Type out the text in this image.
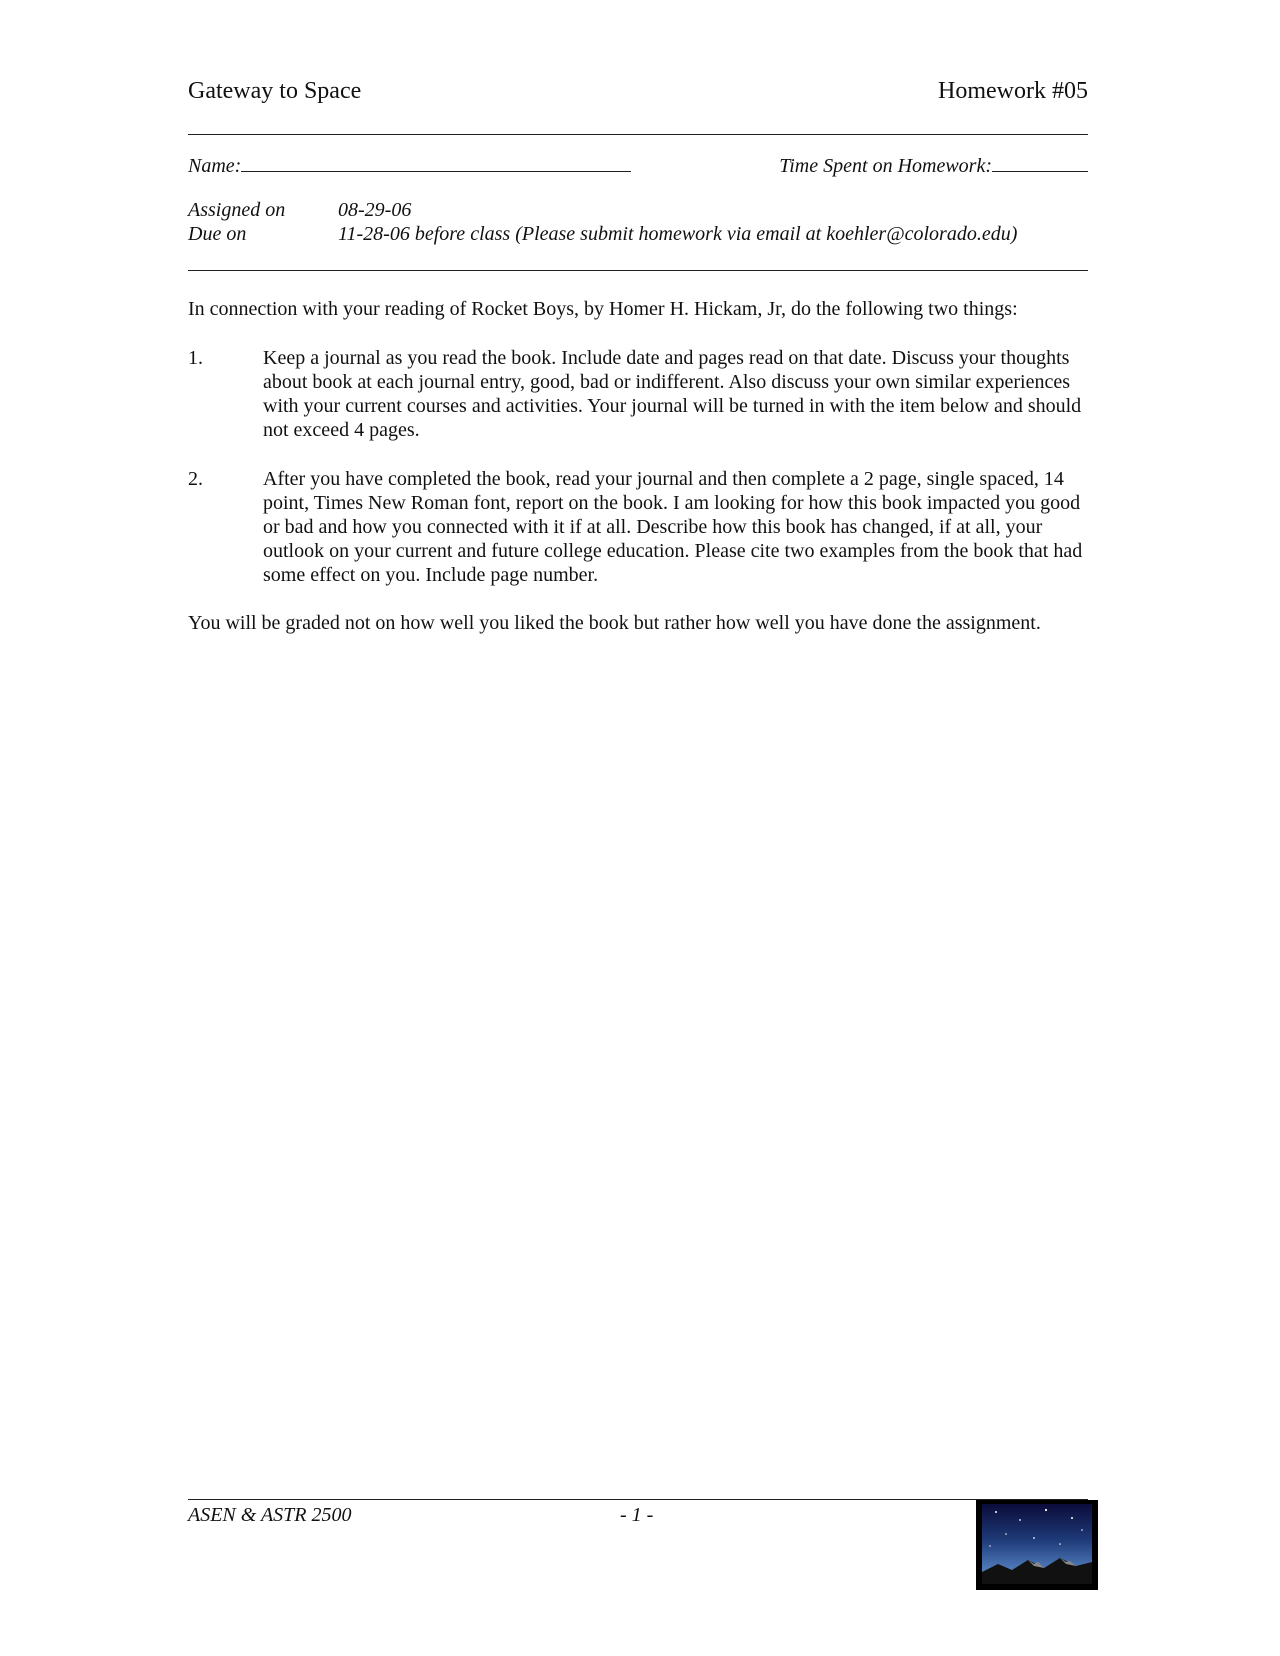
Gateway to Space	Homework #05
Name:	Time Spent on Homework:
Assigned on	08-29-06
Due on	11-28-06 before class (Please submit homework via email at koehler@colorado.edu)
In connection with your reading of Rocket Boys, by Homer H. Hickam, Jr, do the following two things:
1.	Keep a journal as you read the book. Include date and pages read on that date. Discuss your thoughts about book at each journal entry, good, bad or indifferent. Also discuss your own similar experiences with your current courses and activities. Your journal will be turned in with the item below and should not exceed 4 pages.
2.	After you have completed the book, read your journal and then complete a 2 page, single spaced, 14 point, Times New Roman font, report on the book. I am looking for how this book impacted you good or bad and how you connected with it if at all. Describe how this book has changed, if at all, your outlook on your current and future college education. Please cite two examples from the book that had some effect on you. Include page number.
You will be graded not on how well you liked the book but rather how well you have done the assignment.
ASEN & ASTR 2500	- 1 -
